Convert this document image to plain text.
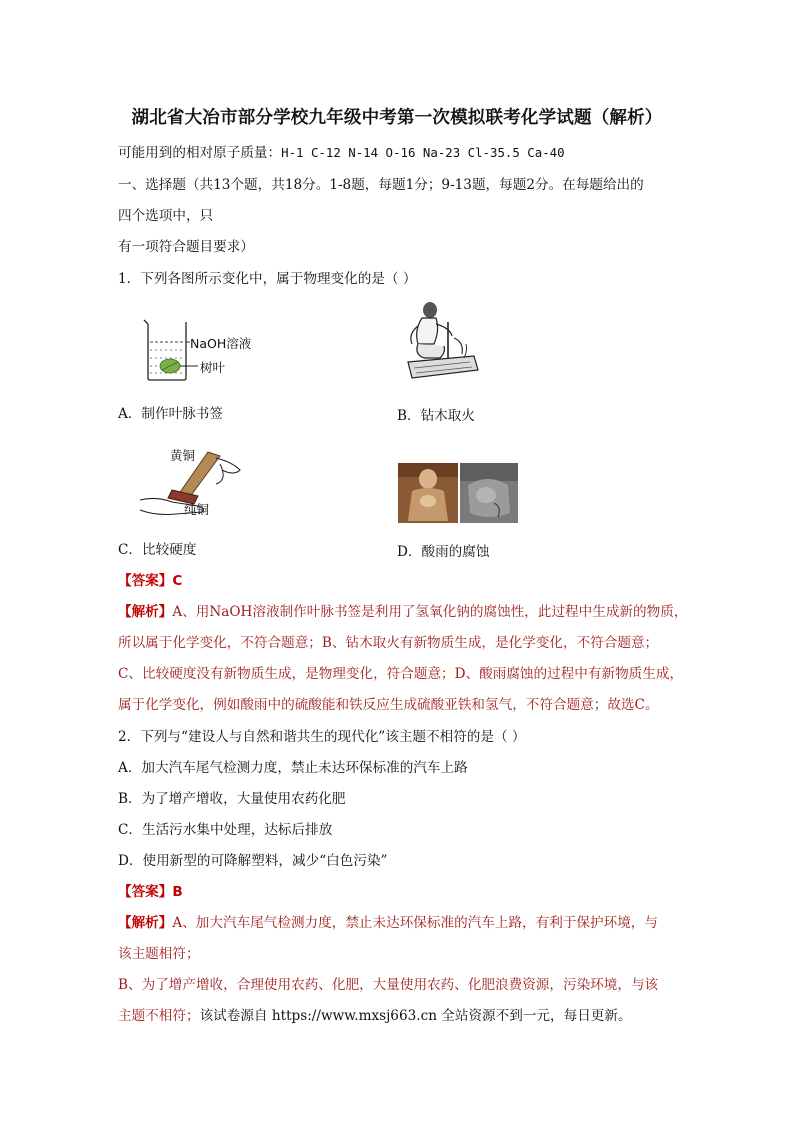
湖北省大冶市部分学校九年级中考第一次模拟联考化学试题（解析）
可能用到的相对原子质量：H-1 C-12 N-14 O-16 Na-23 Cl-35.5 Ca-40
一、选择题（共13个题，共18分。1-8题，每题1分；9-13题，每题2分。在每题给出的
四个选项中，只
有一项符合题目要求）
1．下列各图所示变化中，属于物理变化的是（ ）
NaOH溶液
树叶
A．制作叶脉书签	B．钻木取火
黄铜
纯铜
C．比较硬度	D．酸雨的腐蚀
【答案】C
【解析】A、用NaOH溶液制作叶脉书签是利用了氢氧化钠的腐蚀性，此过程中生成新的物质，
所以属于化学变化，不符合题意；B、钻木取火有新物质生成，是化学变化，不符合题意；
C、比较硬度没有新物质生成，是物理变化，符合题意；D、酸雨腐蚀的过程中有新物质生成，
属于化学变化，例如酸雨中的硫酸能和铁反应生成硫酸亚铁和氢气，不符合题意；故选C。
2．下列与“建设人与自然和谐共生的现代化”该主题不相符的是（ ）
A．加大汽车尾气检测力度，禁止未达环保标准的汽车上路
B．为了增产增收，大量使用农药化肥
C．生活污水集中处理，达标后排放
D．使用新型的可降解塑料，减少“白色污染”
【答案】B
【解析】A、加大汽车尾气检测力度，禁止未达环保标准的汽车上路，有利于保护环境，与
该主题相符；
B、为了增产增收，合理使用农药、化肥，大量使用农药、化肥浪费资源，污染环境，与该
主题不相符；该试卷源自 https://www.mxsj663.cn 全站资源不到一元，每日更新。
